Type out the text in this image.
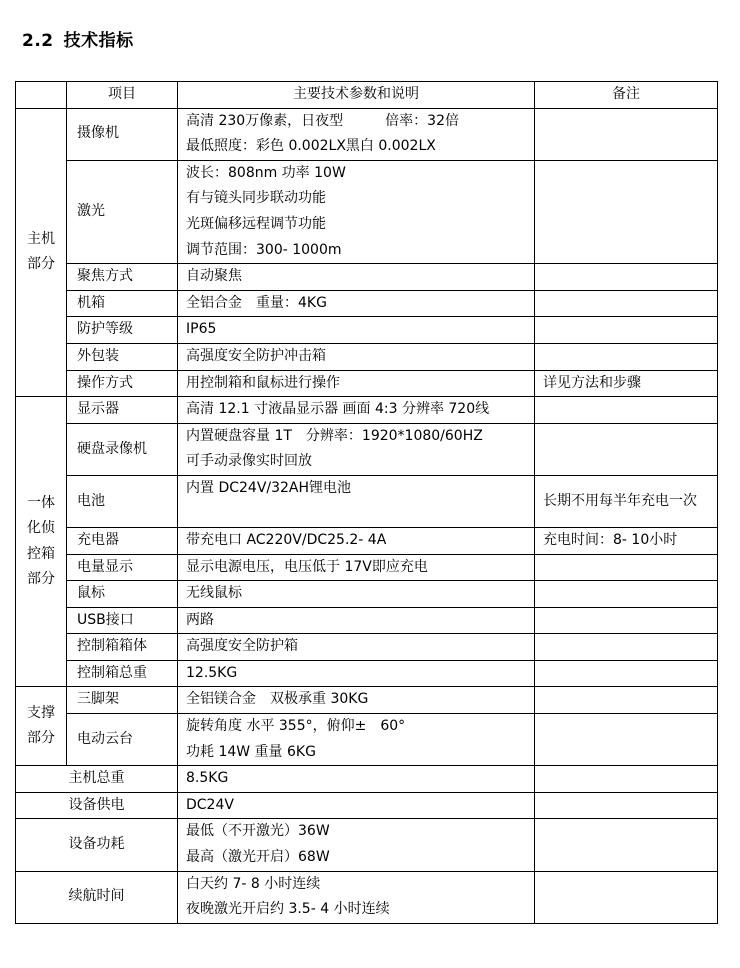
2.2 技术指标
	项目	主要技术参数和说明	备注
主机部分	摄像机	高清 230万像素，日夜型　　　倍率：32倍
最低照度：彩色 0.002LX黑白 0.002LX	

	激光	波长：808nm 功率 10W
有与镜头同步联动功能
光斑偏移远程调节功能
调节范围：300- 1000m	

	聚焦方式	自动聚焦	

	机箱	全铝合金　重量：4KG	

	防护等级	IP65	

	外包装	高强度安全防护冲击箱	

	操作方式	用控制箱和鼠标进行操作	详见方法和步骤

一体化侦控箱部分	显示器	高清 12.1 寸液晶显示器 画面 4:3 分辨率 720线	

	硬盘录像机	内置硬盘容量 1T　分辨率：1920*1080/60HZ
可手动录像实时回放	

	电池	内置 DC24V/32AH锂电池	长期不用每半年充电一次

	充电器	带充电口 AC220V/DC25.2- 4A	充电时间：8- 10小时

	电量显示	显示电源电压，电压低于 17V即应充电	

	鼠标	无线鼠标	

	USB接口	两路	

	控制箱箱体	高强度安全防护箱	

	控制箱总重	12.5KG	

支撑部分	三脚架	全铝镁合金　双极承重 30KG	

	电动云台	旋转角度 水平 355°，俯仰±　60°
功耗 14W 重量 6KG	

主机总重		8.5KG	

设备供电		DC24V	

设备功耗		最低（不开激光）36W
最高（激光开启）68W	

续航时间		白天约 7- 8 小时连续
夜晚激光开启约 3.5- 4 小时连续	
